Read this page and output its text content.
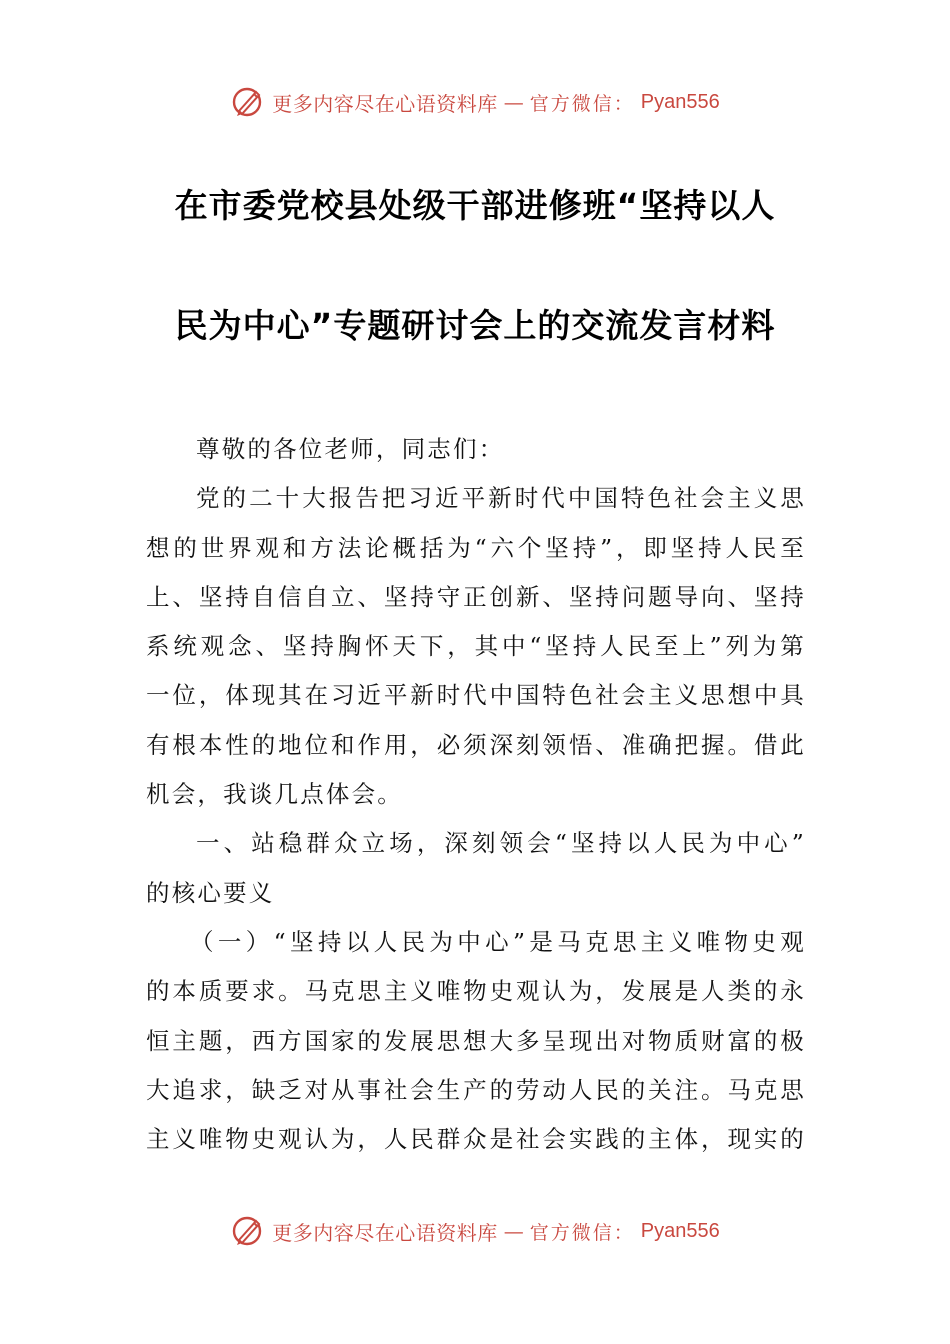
更多内容尽在心语资料库 — 官方微信： Pyan556
在市委党校县处级干部进修班“坚持以人
民为中心”专题研讨会上的交流发言材料
尊敬的各位老师，同志们：
党的二十大报告把习近平新时代中国特色社会主义思
想的世界观和方法论概括为“六个坚持”，即坚持人民至
上、坚持自信自立、坚持守正创新、坚持问题导向、坚持
系统观念、坚持胸怀天下，其中“坚持人民至上”列为第
一位，体现其在习近平新时代中国特色社会主义思想中具
有根本性的地位和作用，必须深刻领悟、准确把握。借此
机会，我谈几点体会。
一、站稳群众立场，深刻领会“坚持以人民为中心”
的核心要义
（一）“坚持以人民为中心”是马克思主义唯物史观
的本质要求。马克思主义唯物史观认为，发展是人类的永
恒主题，西方国家的发展思想大多呈现出对物质财富的极
大追求，缺乏对从事社会生产的劳动人民的关注。马克思
主义唯物史观认为，人民群众是社会实践的主体，现实的
更多内容尽在心语资料库 — 官方微信： Pyan556
